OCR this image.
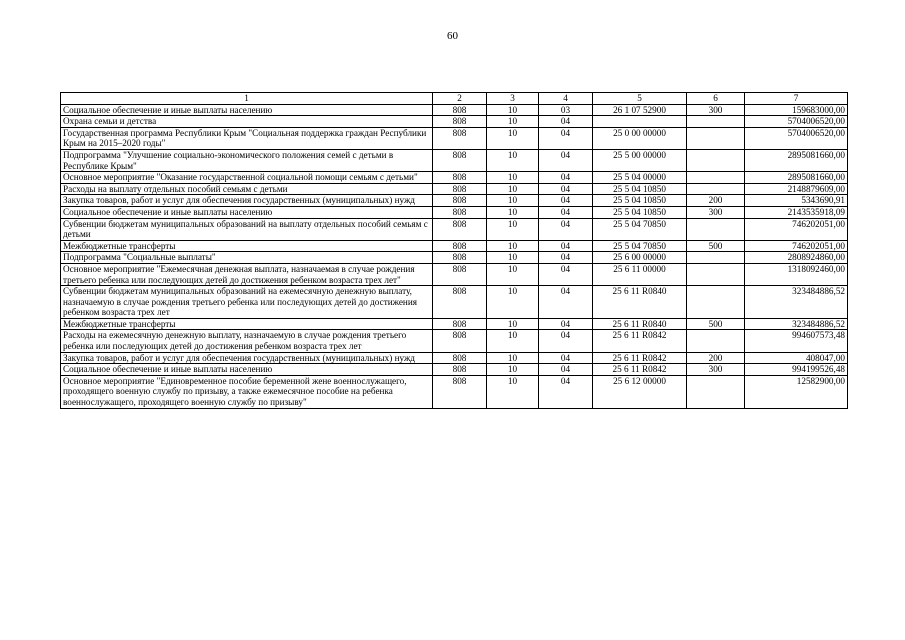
60
1	2	3	4	5	6	7
Социальное обеспечение и иные выплаты населению	808	10	03	26 1 07 52900	300	159683000,00
Охрана семьи и детства	808	10	04			5704006520,00
Государственная программа Республики Крым "Социальная поддержка граждан Республики Крым на 2015–2020 годы"	808	10	04	25 0 00 00000		5704006520,00
Подпрограмма "Улучшение социально-экономического положения семей с детьми в Республике Крым"	808	10	04	25 5 00 00000		2895081660,00
Основное мероприятие "Оказание государственной социальной помощи семьям с детьми"	808	10	04	25 5 04 00000		2895081660,00
Расходы на выплату отдельных пособий семьям с детьми	808	10	04	25 5 04 10850		2148879609,00
Закупка товаров, работ и услуг для обеспечения государственных (муниципальных) нужд	808	10	04	25 5 04 10850	200	5343690,91
Социальное обеспечение и иные выплаты населению	808	10	04	25 5 04 10850	300	2143535918,09
Субвенции бюджетам муниципальных образований на выплату отдельных пособий семьям с детьми	808	10	04	25 5 04 70850		746202051,00
Межбюджетные трансферты	808	10	04	25 5 04 70850	500	746202051,00
Подпрограмма "Социальные выплаты"	808	10	04	25 6 00 00000		2808924860,00
Основное мероприятие "Ежемесячная денежная выплата, назначаемая в случае рождения третьего ребенка или последующих детей до достижения ребенком возраста трех лет"	808	10	04	25 6 11 00000		1318092460,00
Субвенции бюджетам муниципальных образований на ежемесячную денежную выплату, назначаемую в случае рождения третьего ребенка или последующих детей до достижения ребенком возраста трех лет	808	10	04	25 6 11 R0840		323484886,52
Межбюджетные трансферты	808	10	04	25 6 11 R0840	500	323484886,52
Расходы на ежемесячную денежную выплату, назначаемую в случае рождения третьего ребенка или последующих детей до достижения ребенком возраста трех лет	808	10	04	25 6 11 R0842		994607573,48
Закупка товаров, работ и услуг для обеспечения государственных (муниципальных) нужд	808	10	04	25 6 11 R0842	200	408047,00
Социальное обеспечение и иные выплаты населению	808	10	04	25 6 11 R0842	300	994199526,48
Основное мероприятие "Единовременное пособие беременной жене военнослужащего, проходящего военную службу по призыву, а также ежемесячное пособие на ребенка военнослужащего, проходящего военную службу по призыву"	808	10	04	25 6 12 00000		12582900,00
